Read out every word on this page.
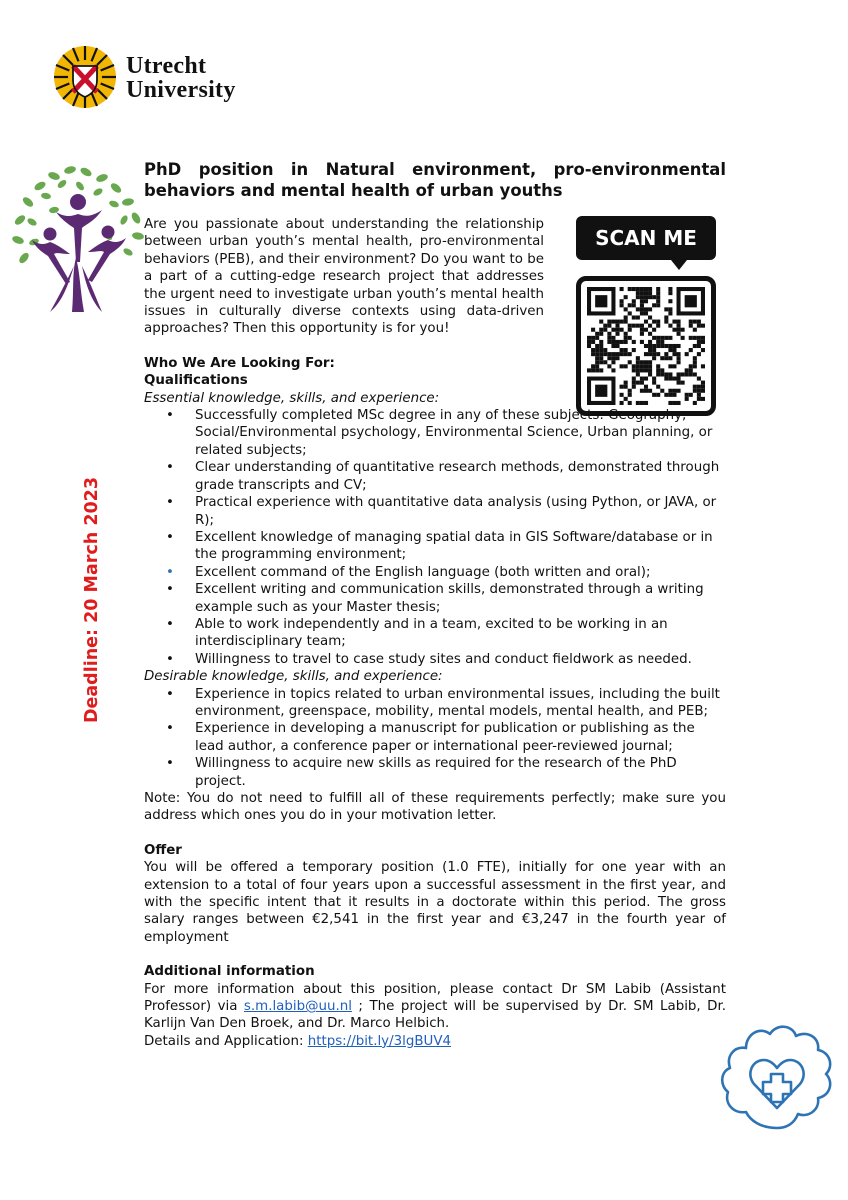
Utrecht
University
Deadline: 20 March 2023
SCAN ME
PhD position in Natural environment, pro-environmental behaviors and mental health of urban youths
Are you passionate about understanding the relationship between urban youth’s mental health, pro-environmental behaviors (PEB), and their environment? Do you want to be a part of a cutting-edge research project that addresses the urgent need to investigate urban youth’s mental health issues in culturally diverse contexts using data-driven approaches? Then this opportunity is for you!
Who We Are Looking For:
Qualifications
Essential knowledge, skills, and experience:
• Successfully completed MSc degree in any of these subjects: Geography, Social/Environmental psychology, Environmental Science, Urban planning, or related subjects;
• Clear understanding of quantitative research methods, demonstrated through grade transcripts and CV;
• Practical experience with quantitative data analysis (using Python, or JAVA, or R);
• Excellent knowledge of managing spatial data in GIS Software/database or in the programming environment;
• Excellent command of the English language (both written and oral);
• Excellent writing and communication skills, demonstrated through a writing example such as your Master thesis;
• Able to work independently and in a team, excited to be working in an interdisciplinary team;
• Willingness to travel to case study sites and conduct fieldwork as needed.
Desirable knowledge, skills, and experience:
• Experience in topics related to urban environmental issues, including the built environment, greenspace, mobility, mental models, mental health, and PEB;
• Experience in developing a manuscript for publication or publishing as the lead author, a conference paper or international peer-reviewed journal;
• Willingness to acquire new skills as required for the research of the PhD project.
Note: You do not need to fulfill all of these requirements perfectly; make sure you address which ones you do in your motivation letter.
Offer
You will be offered a temporary position (1.0 FTE), initially for one year with an extension to a total of four years upon a successful assessment in the first year, and with the specific intent that it results in a doctorate within this period. The gross salary ranges between €2,541 in the first year and €3,247 in the fourth year of employment
Additional information
For more information about this position, please contact Dr SM Labib (Assistant Professor) via s.m.labib@uu.nl ; The project will be supervised by Dr. SM Labib, Dr. Karlijn Van Den Broek, and Dr. Marco Helbich.
Details and Application: https://bit.ly/3lgBUV4
